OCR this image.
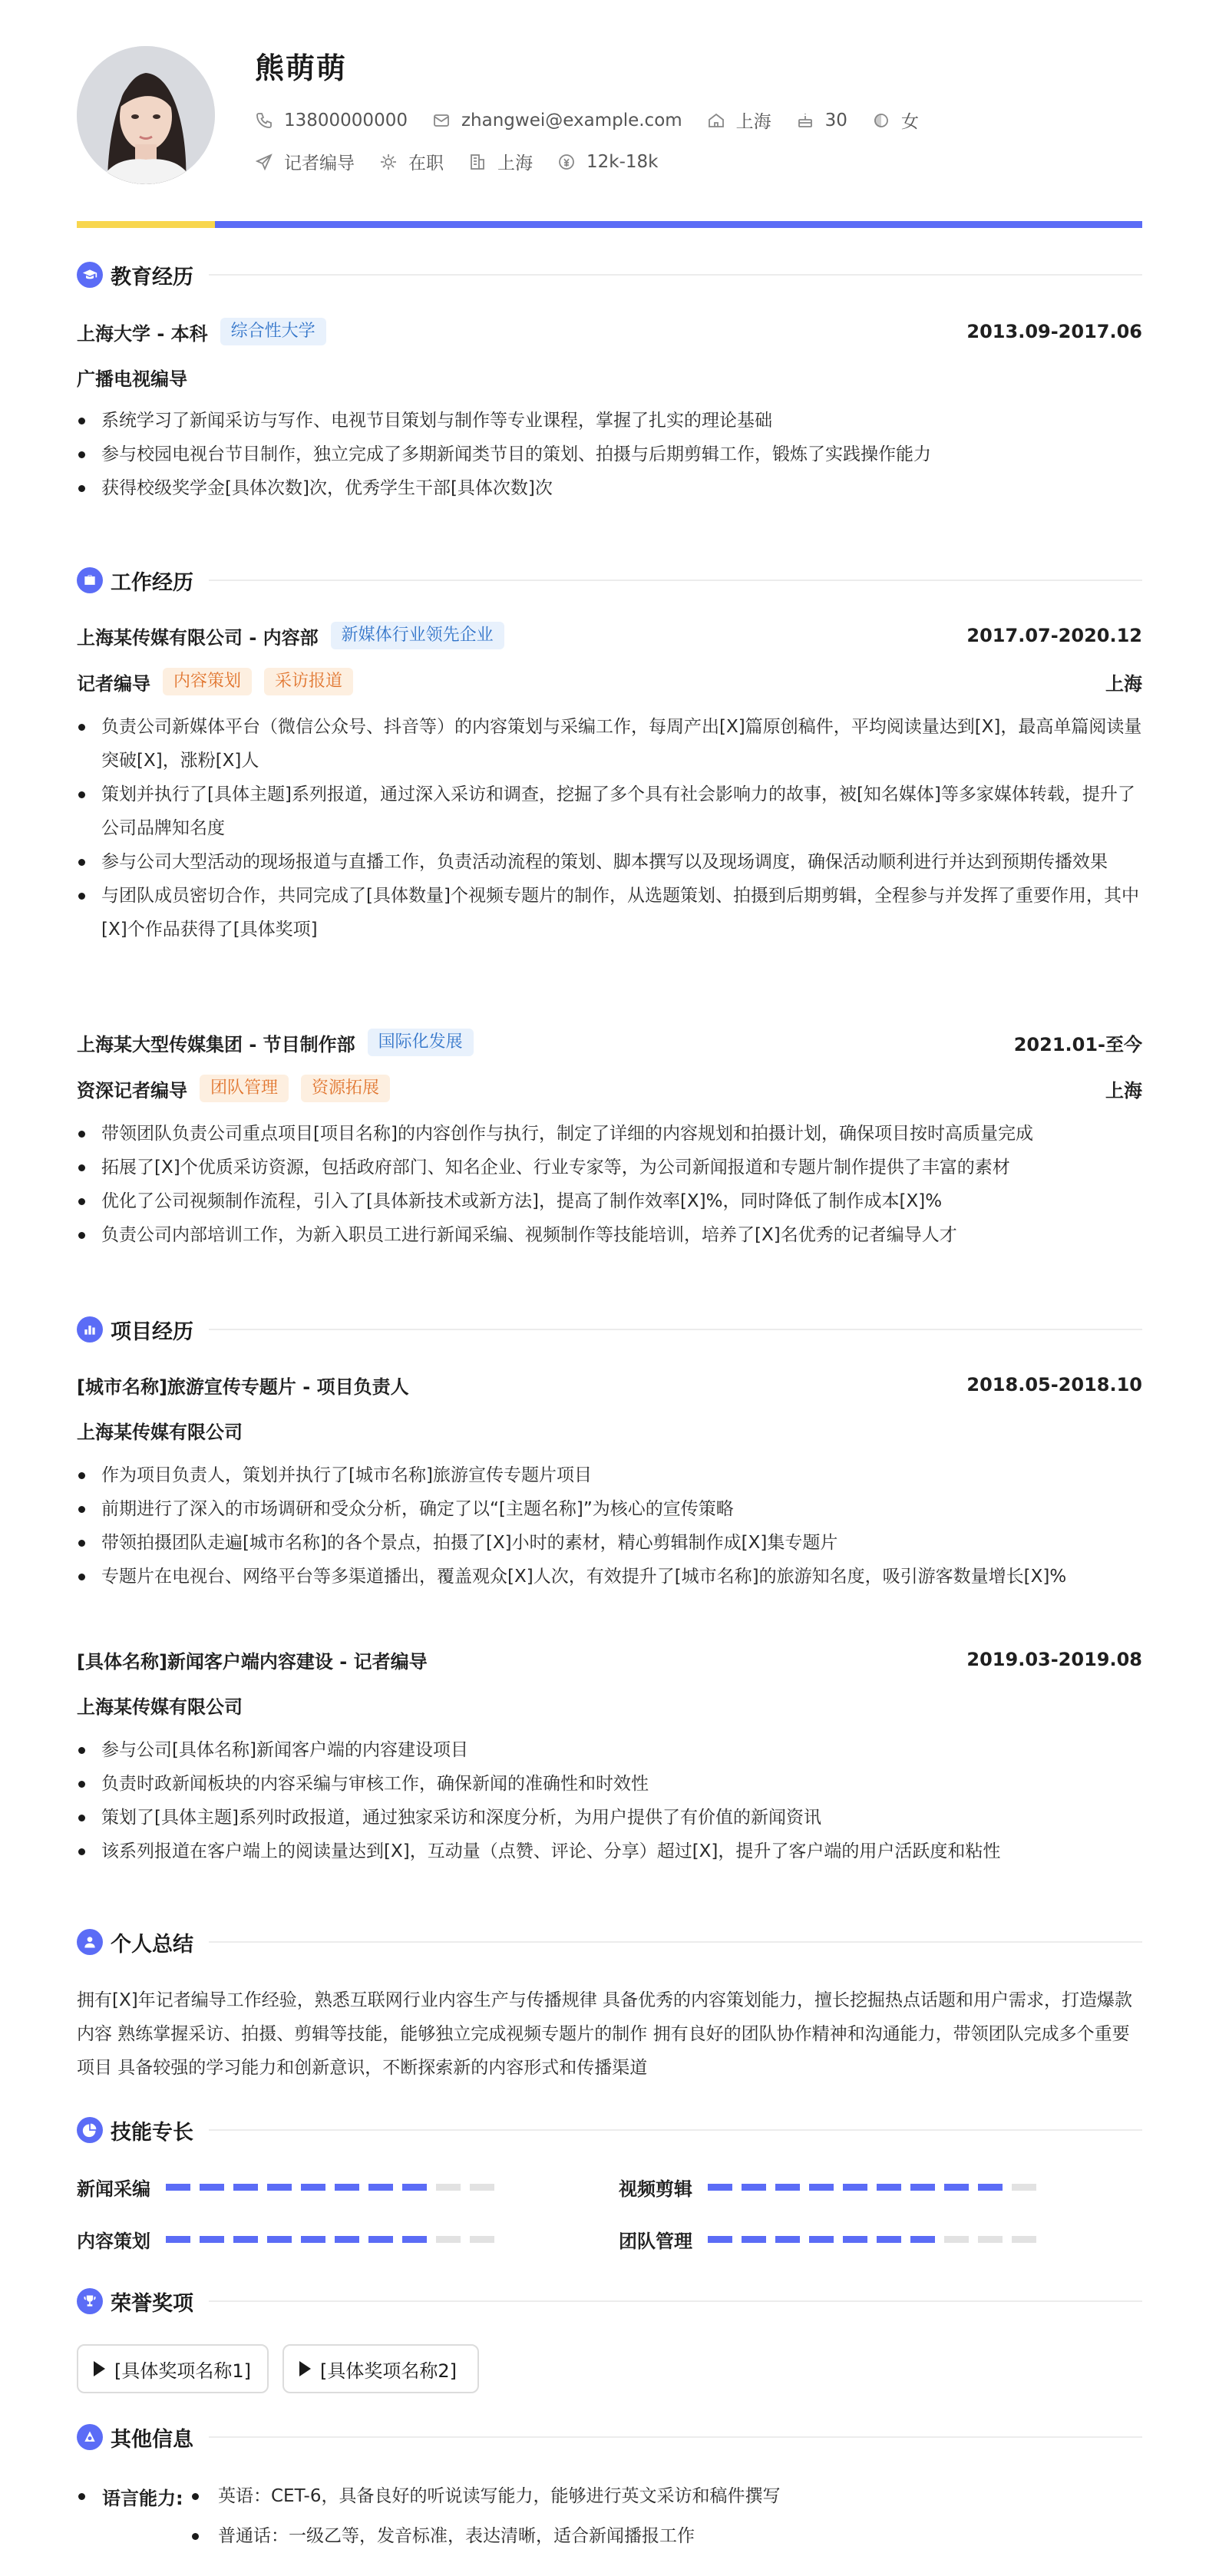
熊萌萌
13800000000	zhangwei@example.com	上海	30	女
记者编导	在职	上海	12k-18k
教育经历
上海大学 - 本科	综合性大学	2013.09-2017.06
广播电视编导
系统学习了新闻采访与写作、电视节目策划与制作等专业课程，掌握了扎实的理论基础
参与校园电视台节目制作，独立完成了多期新闻类节目的策划、拍摄与后期剪辑工作，锻炼了实践操作能力
获得校级奖学金[具体次数]次，优秀学生干部[具体次数]次
工作经历
上海某传媒有限公司 - 内容部	新媒体行业领先企业	2017.07-2020.12
记者编导	内容策划	采访报道	上海
负责公司新媒体平台（微信公众号、抖音等）的内容策划与采编工作，每周产出[X]篇原创稿件，平均阅读量达到[X]，最高单篇阅读量突破[X]，涨粉[X]人
策划并执行了[具体主题]系列报道，通过深入采访和调查，挖掘了多个具有社会影响力的故事，被[知名媒体]等多家媒体转载，提升了公司品牌知名度
参与公司大型活动的现场报道与直播工作，负责活动流程的策划、脚本撰写以及现场调度，确保活动顺利进行并达到预期传播效果
与团队成员密切合作，共同完成了[具体数量]个视频专题片的制作，从选题策划、拍摄到后期剪辑，全程参与并发挥了重要作用，其中[X]个作品获得了[具体奖项]
上海某大型传媒集团 - 节目制作部	国际化发展	2021.01-至今
资深记者编导	团队管理	资源拓展	上海
带领团队负责公司重点项目[项目名称]的内容创作与执行，制定了详细的内容规划和拍摄计划，确保项目按时高质量完成
拓展了[X]个优质采访资源，包括政府部门、知名企业、行业专家等，为公司新闻报道和专题片制作提供了丰富的素材
优化了公司视频制作流程，引入了[具体新技术或新方法]，提高了制作效率[X]%，同时降低了制作成本[X]%
负责公司内部培训工作，为新入职员工进行新闻采编、视频制作等技能培训，培养了[X]名优秀的记者编导人才
项目经历
[城市名称]旅游宣传专题片 - 项目负责人	2018.05-2018.10
上海某传媒有限公司
作为项目负责人，策划并执行了[城市名称]旅游宣传专题片项目
前期进行了深入的市场调研和受众分析，确定了以“[主题名称]”为核心的宣传策略
带领拍摄团队走遍[城市名称]的各个景点，拍摄了[X]小时的素材，精心剪辑制作成[X]集专题片
专题片在电视台、网络平台等多渠道播出，覆盖观众[X]人次，有效提升了[城市名称]的旅游知名度，吸引游客数量增长[X]%
[具体名称]新闻客户端内容建设 - 记者编导	2019.03-2019.08
上海某传媒有限公司
参与公司[具体名称]新闻客户端的内容建设项目
负责时政新闻板块的内容采编与审核工作，确保新闻的准确性和时效性
策划了[具体主题]系列时政报道，通过独家采访和深度分析，为用户提供了有价值的新闻资讯
该系列报道在客户端上的阅读量达到[X]，互动量（点赞、评论、分享）超过[X]，提升了客户端的用户活跃度和粘性
个人总结
拥有[X]年记者编导工作经验，熟悉互联网行业内容生产与传播规律 具备优秀的内容策划能力，擅长挖掘热点话题和用户需求，打造爆款内容 熟练掌握采访、拍摄、剪辑等技能，能够独立完成视频专题片的制作 拥有良好的团队协作精神和沟通能力，带领团队完成多个重要项目 具备较强的学习能力和创新意识，不断探索新的内容形式和传播渠道
技能专长
新闻采编	视频剪辑
内容策划	团队管理
荣誉奖项
[具体奖项名称1]	[具体奖项名称2]
其他信息
语言能力:	英语：CET-6，具备良好的听说读写能力，能够进行英文采访和稿件撰写
普通话：一级乙等，发音标准，表达清晰，适合新闻播报工作
